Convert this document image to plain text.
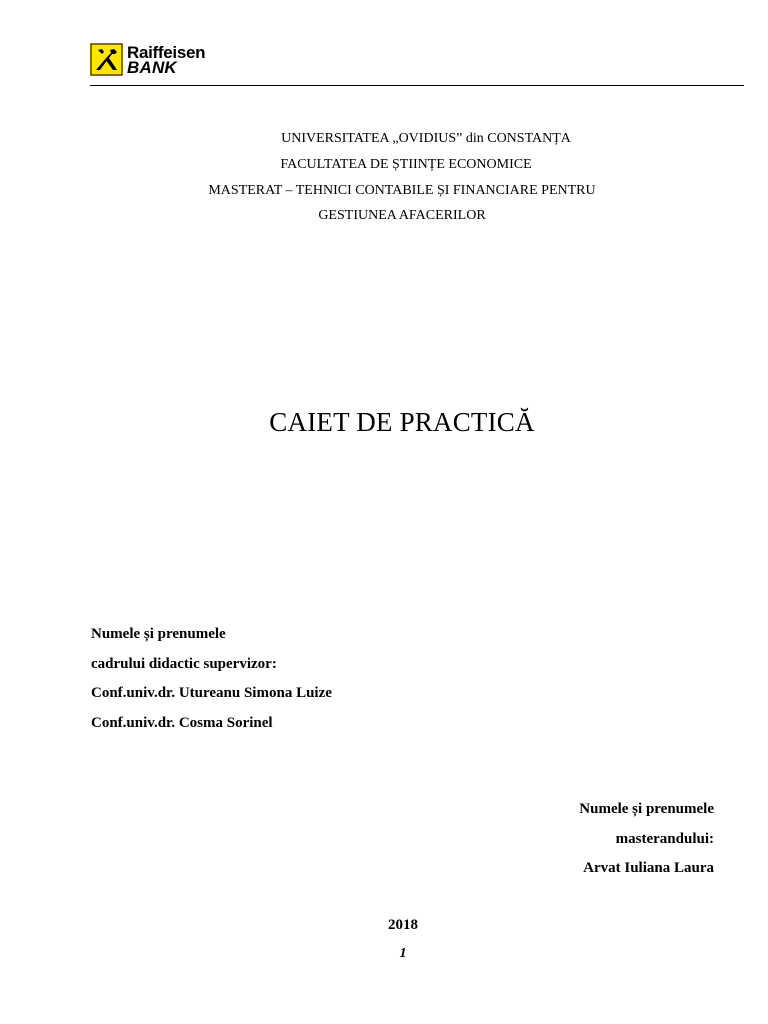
Raiffeisen
BANK
UNIVERSITATEA „OVIDIUS” din CONSTANȚA
FACULTATEA DE ȘTIINȚE ECONOMICE
MASTERAT – TEHNICI CONTABILE ȘI FINANCIARE PENTRU
GESTIUNEA AFACERILOR
CAIET DE PRACTICĂ
Numele și prenumele
cadrului didactic supervizor:
Conf.univ.dr. Utureanu Simona Luize
Conf.univ.dr. Cosma Sorinel
Numele și prenumele
masterandului:
Arvat Iuliana Laura
2018
1
